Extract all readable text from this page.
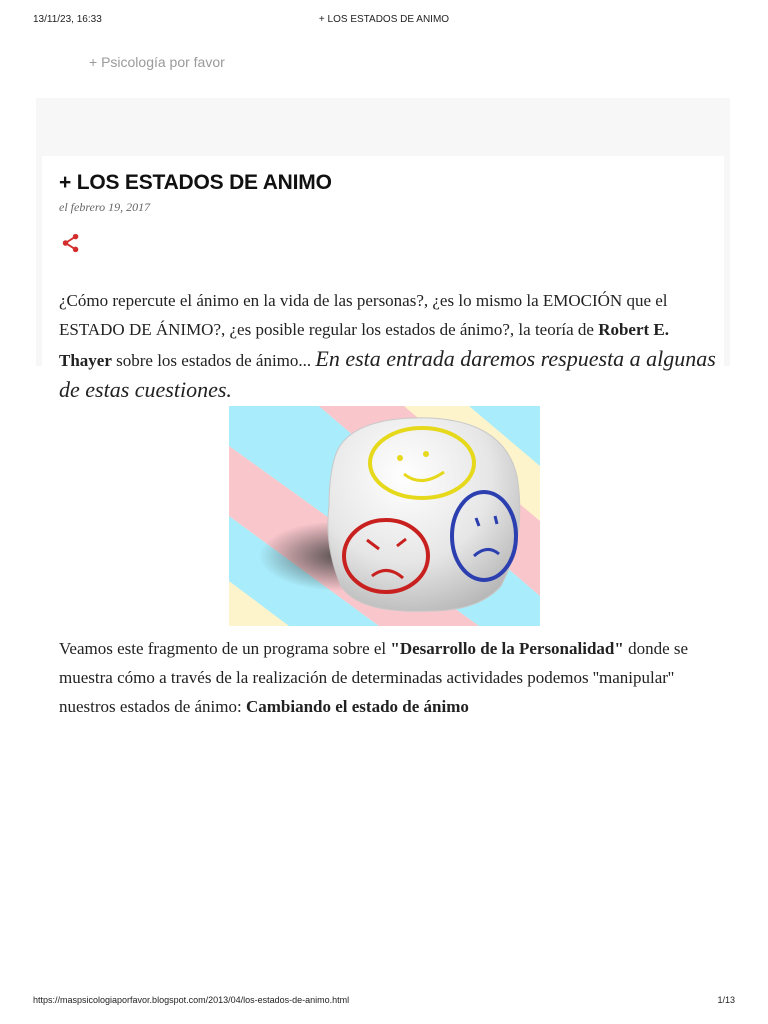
13/11/23, 16:33	+ LOS ESTADOS DE ANIMO
+ Psicología por favor
+ LOS ESTADOS DE ANIMO
el febrero 19, 2017

¿Cómo repercute el ánimo en la vida de las personas?, ¿es lo mismo la EMOCIÓN que el ESTADO DE ÁNIMO?, ¿es posible regular los estados de ánimo?, la teoría de Robert E. Thayer sobre los estados de ánimo... En esta entrada daremos respuesta a algunas de estas cuestiones.

Veamos este fragmento de un programa sobre el "Desarrollo de la Personalidad" donde se muestra cómo a través de la realización de determinadas actividades podemos ''manipular'' nuestros estados de ánimo: Cambiando el estado de ánimo

https://maspsicologiaporfavor.blogspot.com/2013/04/los-estados-de-animo.html	1/13
